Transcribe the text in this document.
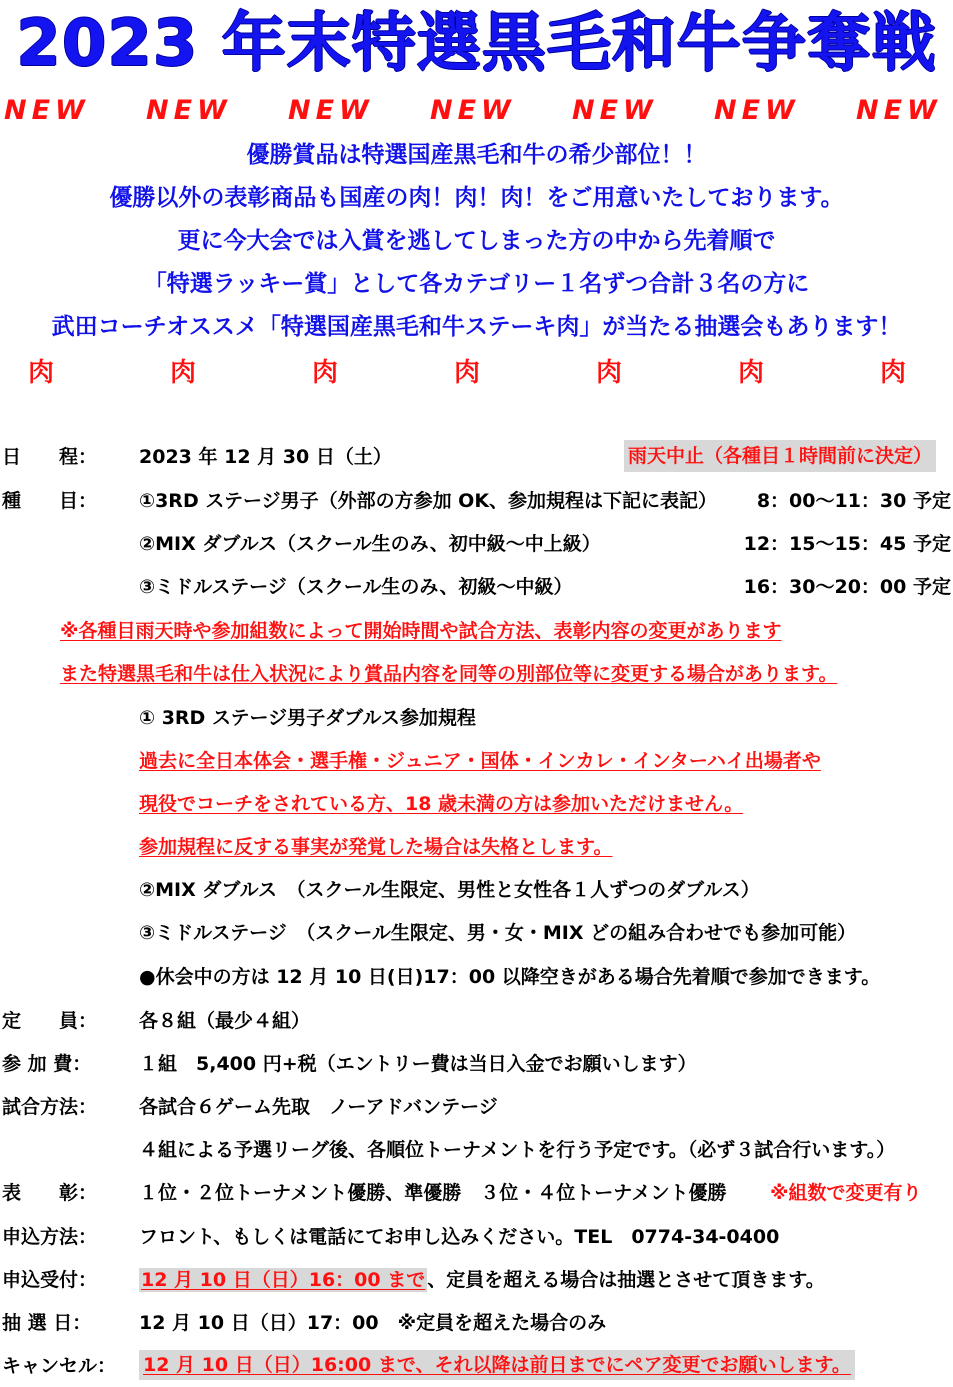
2023 年末特選黒毛和牛争奪戦
NEW NEW NEW NEW NEW NEW NEW
優勝賞品は特選国産黒毛和牛の希少部位！！
優勝以外の表彰商品も国産の肉！肉！肉！をご用意いたしております。
更に今大会では入賞を逃してしまった方の中から先着順で
「特選ラッキー賞」として各カテゴリー１名ずつ合計３名の方に
武田コーチオススメ「特選国産黒毛和牛ステーキ肉」が当たる抽選会もあります！
肉	肉	肉	肉	肉	肉	肉
日　　程： 2023 年 12 月 30 日（土）	雨天中止（各種目１時間前に決定）
種　　目： ①3RD ステージ男子（外部の方参加 OK、参加規程は下記に表記） 8：00～11：30 予定
②MIX ダブルス（スクール生のみ、初中級～中上級）	12：15～15：45 予定
③ミドルステージ（スクール生のみ、初級～中級）	16：30～20：00 予定
※各種目雨天時や参加組数によって開始時間や試合方法、表彰内容の変更があります
また特選黒毛和牛は仕入状況により賞品内容を同等の別部位等に変更する場合があります。
① 3RD ステージ男子ダブルス参加規程
過去に全日本体会・選手権・ジュニア・国体・インカレ・インターハイ出場者や
現役でコーチをされている方、18 歳未満の方は参加いただけません。
参加規程に反する事実が発覚した場合は失格とします。
②MIX ダブルス　（スクール生限定、男性と女性各１人ずつのダブルス）
③ミドルステージ　（スクール生限定、男・女・MIX どの組み合わせでも参加可能）
●休会中の方は 12 月 10 日(日)17：00 以降空きがある場合先着順で参加できます。
定　　員： 各８組（最少４組）
参 加 費：	１組　5,400 円+税（エントリー費は当日入金でお願いします）
試合方法： 各試合６ゲーム先取　ノーアドバンテージ
４組による予選リーグ後、各順位トーナメントを行う予定です。（必ず３試合行います。）
表　　彰： １位・２位トーナメント優勝、準優勝　３位・４位トーナメント優勝 ※組数で変更有り
申込方法： フロント、もしくは電話にてお申し込みください。TEL　0774-34-0400
申込受付： 12 月 10 日（日）16：00 まで 、定員を超える場合は抽選とさせて頂きます。
抽 選 日：	12 月 10 日（日）17：00　※定員を超えた場合のみ
キャンセル： 12 月 10 日（日）16:00 まで、それ以降は前日までにペア変更でお願いします。
